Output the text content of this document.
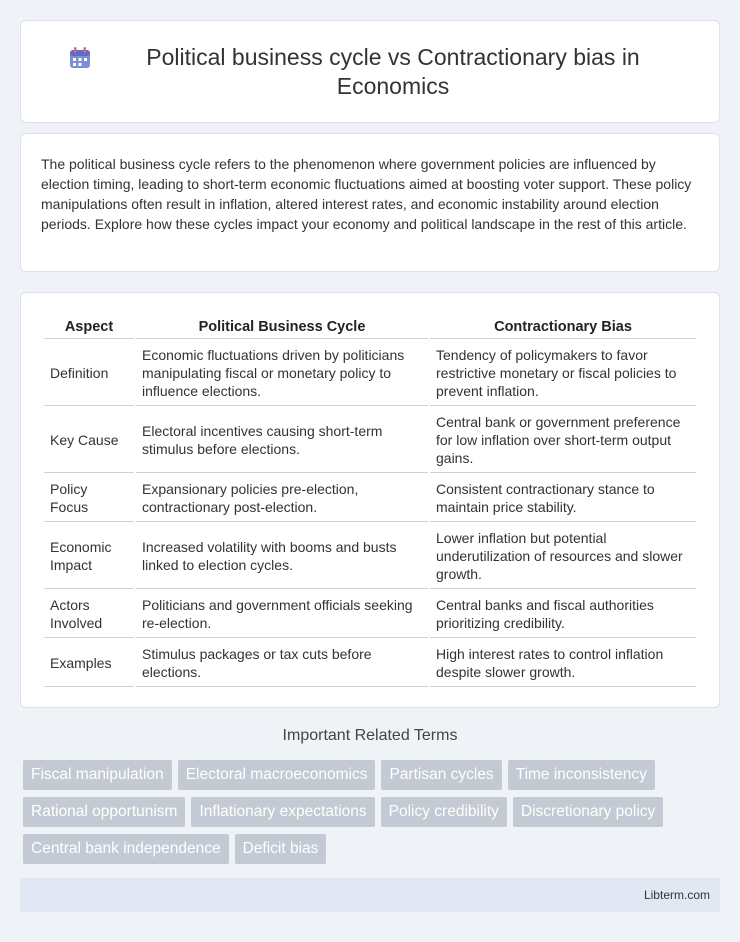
Political business cycle vs Contractionary bias in Economics

The political business cycle refers to the phenomenon where government policies are influenced by election timing, leading to short-term economic fluctuations aimed at boosting voter support. These policy manipulations often result in inflation, altered interest rates, and economic instability around election periods. Explore how these cycles impact your economy and political landscape in the rest of this article.

Aspect	Political Business Cycle	Contractionary Bias
Definition	Economic fluctuations driven by politicians manipulating fiscal or monetary policy to influence elections.	Tendency of policymakers to favor restrictive monetary or fiscal policies to prevent inflation.
Key Cause	Electoral incentives causing short-term stimulus before elections.	Central bank or government preference for low inflation over short-term output gains.
Policy Focus	Expansionary policies pre-election, contractionary post-election.	Consistent contractionary stance to maintain price stability.
Economic Impact	Increased volatility with booms and busts linked to election cycles.	Lower inflation but potential underutilization of resources and slower growth.
Actors Involved	Politicians and government officials seeking re-election.	Central banks and fiscal authorities prioritizing credibility.
Examples	Stimulus packages or tax cuts before elections.	High interest rates to control inflation despite slower growth.
Important Related Terms
Fiscal manipulation	Electoral macroeconomics	Partisan cycles	Time inconsistency
Rational opportunism	Inflationary expectations	Policy credibility	Discretionary policy
Central bank independence	Deficit bias
Libterm.com
